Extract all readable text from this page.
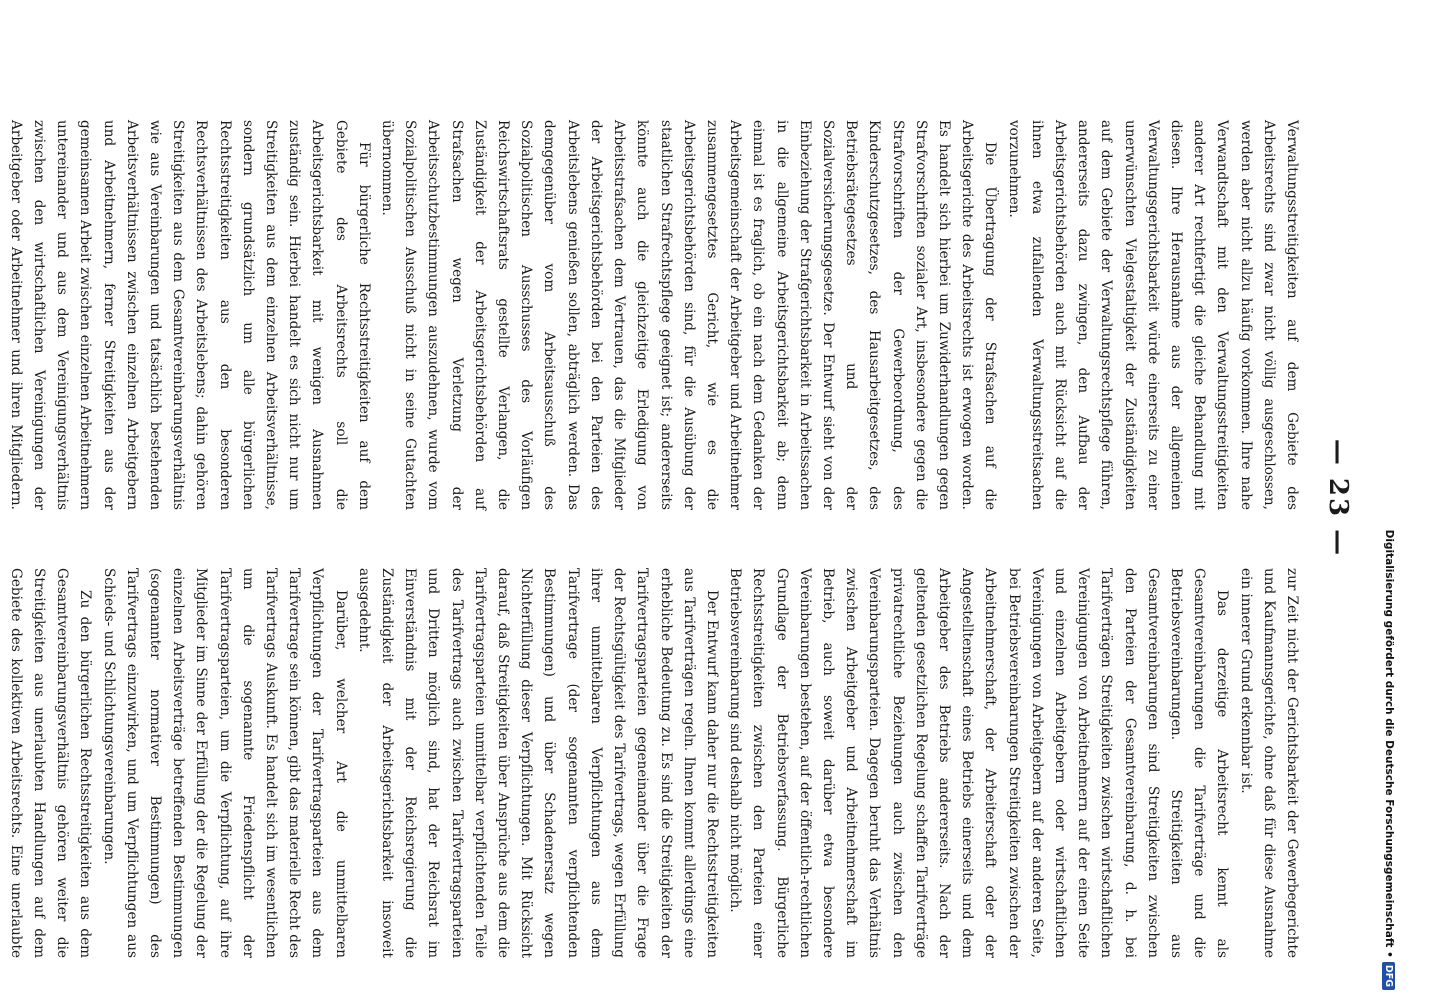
— 23 —

Verwaltungsstreitigkeiten auf dem Gebiete des Arbeitsrechts sind zwar nicht völlig ausgeschlossen, werden aber nicht allzu häufig vorkommen. Ihre nahe Verwandtschaft mit den Verwaltungsstreitigkeiten anderer Art rechtfertigt die gleiche Behandlung mit diesen. Ihre Herausnahme aus der allgemeinen Verwaltungsgerichtsbarkeit würde einerseits zu einer unerwünschten Vielgestaltigkeit der Zuständigkeiten auf dem Gebiete der Verwaltungsrechtspflege führen, andererseits dazu zwingen, den Aufbau der Arbeitsgerichtsbehörden auch mit Rücksicht auf die ihnen etwa zufallenden Verwaltungsstreitsachen vorzunehmen.

Die Übertragung der Strafsachen auf die Arbeitsgerichte des Arbeitsrechts ist erwogen worden. Es handelt sich hierbei um Zuwiderhandlungen gegen Strafvorschriften sozialer Art, insbesondere gegen die Strafvorschriften der Gewerbeordnung, des Kinderschutzgesetzes, des Hausarbeitgesetzes, des Betriebsrätegesetzes und der Sozialversicherungsgesetze. Der Entwurf sieht von der Einbeziehung der Strafgerichtsbarkeit in Arbeitssachen in die allgemeine Arbeitsgerichtsbarkeit ab; denn einmal ist es fraglich, ob ein nach dem Gedanken der Arbeitsgemeinschaft der Arbeitgeber und Arbeitnehmer zusammengesetztes Gericht, wie es die Arbeitsgerichtsbehörden sind, für die Ausübung der staatlichen Strafrechtspflege geeignet ist; andererseits könnte auch die gleichzeitige Erledigung von Arbeitsstrafsachen dem Vertrauen, das die Mitglieder der Arbeitsgerichtsbehörden bei den Parteien des Arbeitslebens genießen sollen, abträglich werden. Das demgegenüber vom Arbeitsausschuß des Sozialpolitischen Ausschusses des Vorläufigen Reichswirtschaftsrats gestellte Verlangen, die Zuständigkeit der Arbeitsgerichtsbehörden auf Strafsachen wegen Verletzung der Arbeitsschutzbestimmungen auszudehnen, wurde vom Sozialpolitischen Ausschuß nicht in seine Gutachten übernommen.

Für bürgerliche Rechtsstreitigkeiten auf dem Gebiete des Arbeitsrechts soll die Arbeitsgerichtsbarkeit mit wenigen Ausnahmen zuständig sein. Hierbei handelt es sich nicht nur um Streitigkeiten aus dem einzelnen Arbeitsverhältnisse, sondern grundsätzlich um alle bürgerlichen Rechtsstreitigkeiten aus den besonderen Rechtsverhältnissen des Arbeitslebens; dahin gehören Streitigkeiten aus dem Gesamtvereinbarungsverhältnis wie aus Vereinbarungen und tatsächlich bestehenden Arbeitsverhältnissen zwischen einzelnen Arbeitgebern und Arbeitnehmern, ferner Streitigkeiten aus der gemeinsamen Arbeit zwischen einzelnen Arbeitnehmern untereinander und aus dem Vereinigungsverhältnis zwischen den wirtschaftlichen Vereinigungen der Arbeitgeber oder Arbeitnehmer und ihren Mitgliedern.

zur Zeit nicht der Gerichtsbarkeit der Gewerbegerichte und Kaufmannsgerichte, ohne daß für diese Ausnahme ein innerer Grund erkennbar ist.

Das derzeitige Arbeitsrecht kennt als Gesamtvereinbarungen die Tarifverträge und die Betriebsvereinbarungen. Streitigkeiten aus Gesamtvereinbarungen sind Streitigkeiten zwischen den Parteien der Gesamtvereinbarung, d. h. bei Tarifverträgen Streitigkeiten zwischen wirtschaftlichen Vereinigungen von Arbeitnehmern auf der einen Seite und einzelnen Arbeitgebern oder wirtschaftlichen Vereinigungen von Arbeitgebern auf der anderen Seite, bei Betriebsvereinbarungen Streitigkeiten zwischen der Arbeitnehmerschaft, der Arbeiterschaft oder der Angestelltenschaft eines Betriebs einerseits und dem Arbeitgeber des Betriebs andererseits. Nach der geltenden gesetzlichen Regelung schaffen Tarifverträge privatrechtliche Beziehungen auch zwischen den Vereinbarungsparteien. Dagegen beruht das Verhältnis zwischen Arbeitgeber und Arbeitnehmerschaft im Betrieb, auch soweit darüber etwa besondere Vereinbarungen bestehen, auf der öffentlich-rechtlichen Grundlage der Betriebsverfassung. Bürgerliche Rechtsstreitigkeiten zwischen den Parteien einer Betriebsvereinbarung sind deshalb nicht möglich.

Der Entwurf kann daher nur die Rechtsstreitigkeiten aus Tarifverträgen regeln. Ihnen kommt allerdings eine erhebliche Bedeutung zu. Es sind die Streitigkeiten der Tarifvertragsparteien gegeneinander über die Frage der Rechtsgültigkeit des Tarifvertrags, wegen Erfüllung ihrer unmittelbaren Verpflichtungen aus dem Tarifvertrage (der sogenannten verpflichtenden Bestimmungen) und über Schadenersatz wegen Nichterfüllung dieser Verpflichtungen. Mit Rücksicht darauf, daß Streitigkeiten über Ansprüche aus dem die Tarifvertragsparteien unmittelbar verpflichtenden Teile des Tarifvertrags auch zwischen Tarifvertragsparteien und Dritten möglich sind, hat der Reichsrat im Einverständnis mit der Reichsregierung die Zuständigkeit der Arbeitsgerichtsbarkeit insoweit ausgedehnt.

Darüber, welcher Art die unmittelbaren Verpflichtungen der Tarifvertragsparteien aus dem Tarifvertrage sein können, gibt das materielle Recht des Tarifvertrags Auskunft. Es handelt sich im wesentlichen um die sogenannte Friedenspflicht der Tarifvertragsparteien, um die Verpflichtung, auf ihre Mitglieder im Sinne der Erfüllung der die Regelung der einzelnen Arbeitsverträge betreffenden Bestimmungen (sogenannter normativer Bestimmungen) des Tarifvertrags einzuwirken, und um Verpflichtungen aus Schieds- und Schlichtungsvereinbarungen.

Zu den bürgerlichen Rechtsstreitigkeiten aus dem Gesamtvereinbarungsverhältnis gehören weiter die Streitigkeiten aus unerlaubten Handlungen auf dem Gebiete des kollektiven Arbeitsrechts. Eine unerlaubte	Digitalisierung gefördert durch die Deutsche Forschungsgemeinschaft •
DFG
